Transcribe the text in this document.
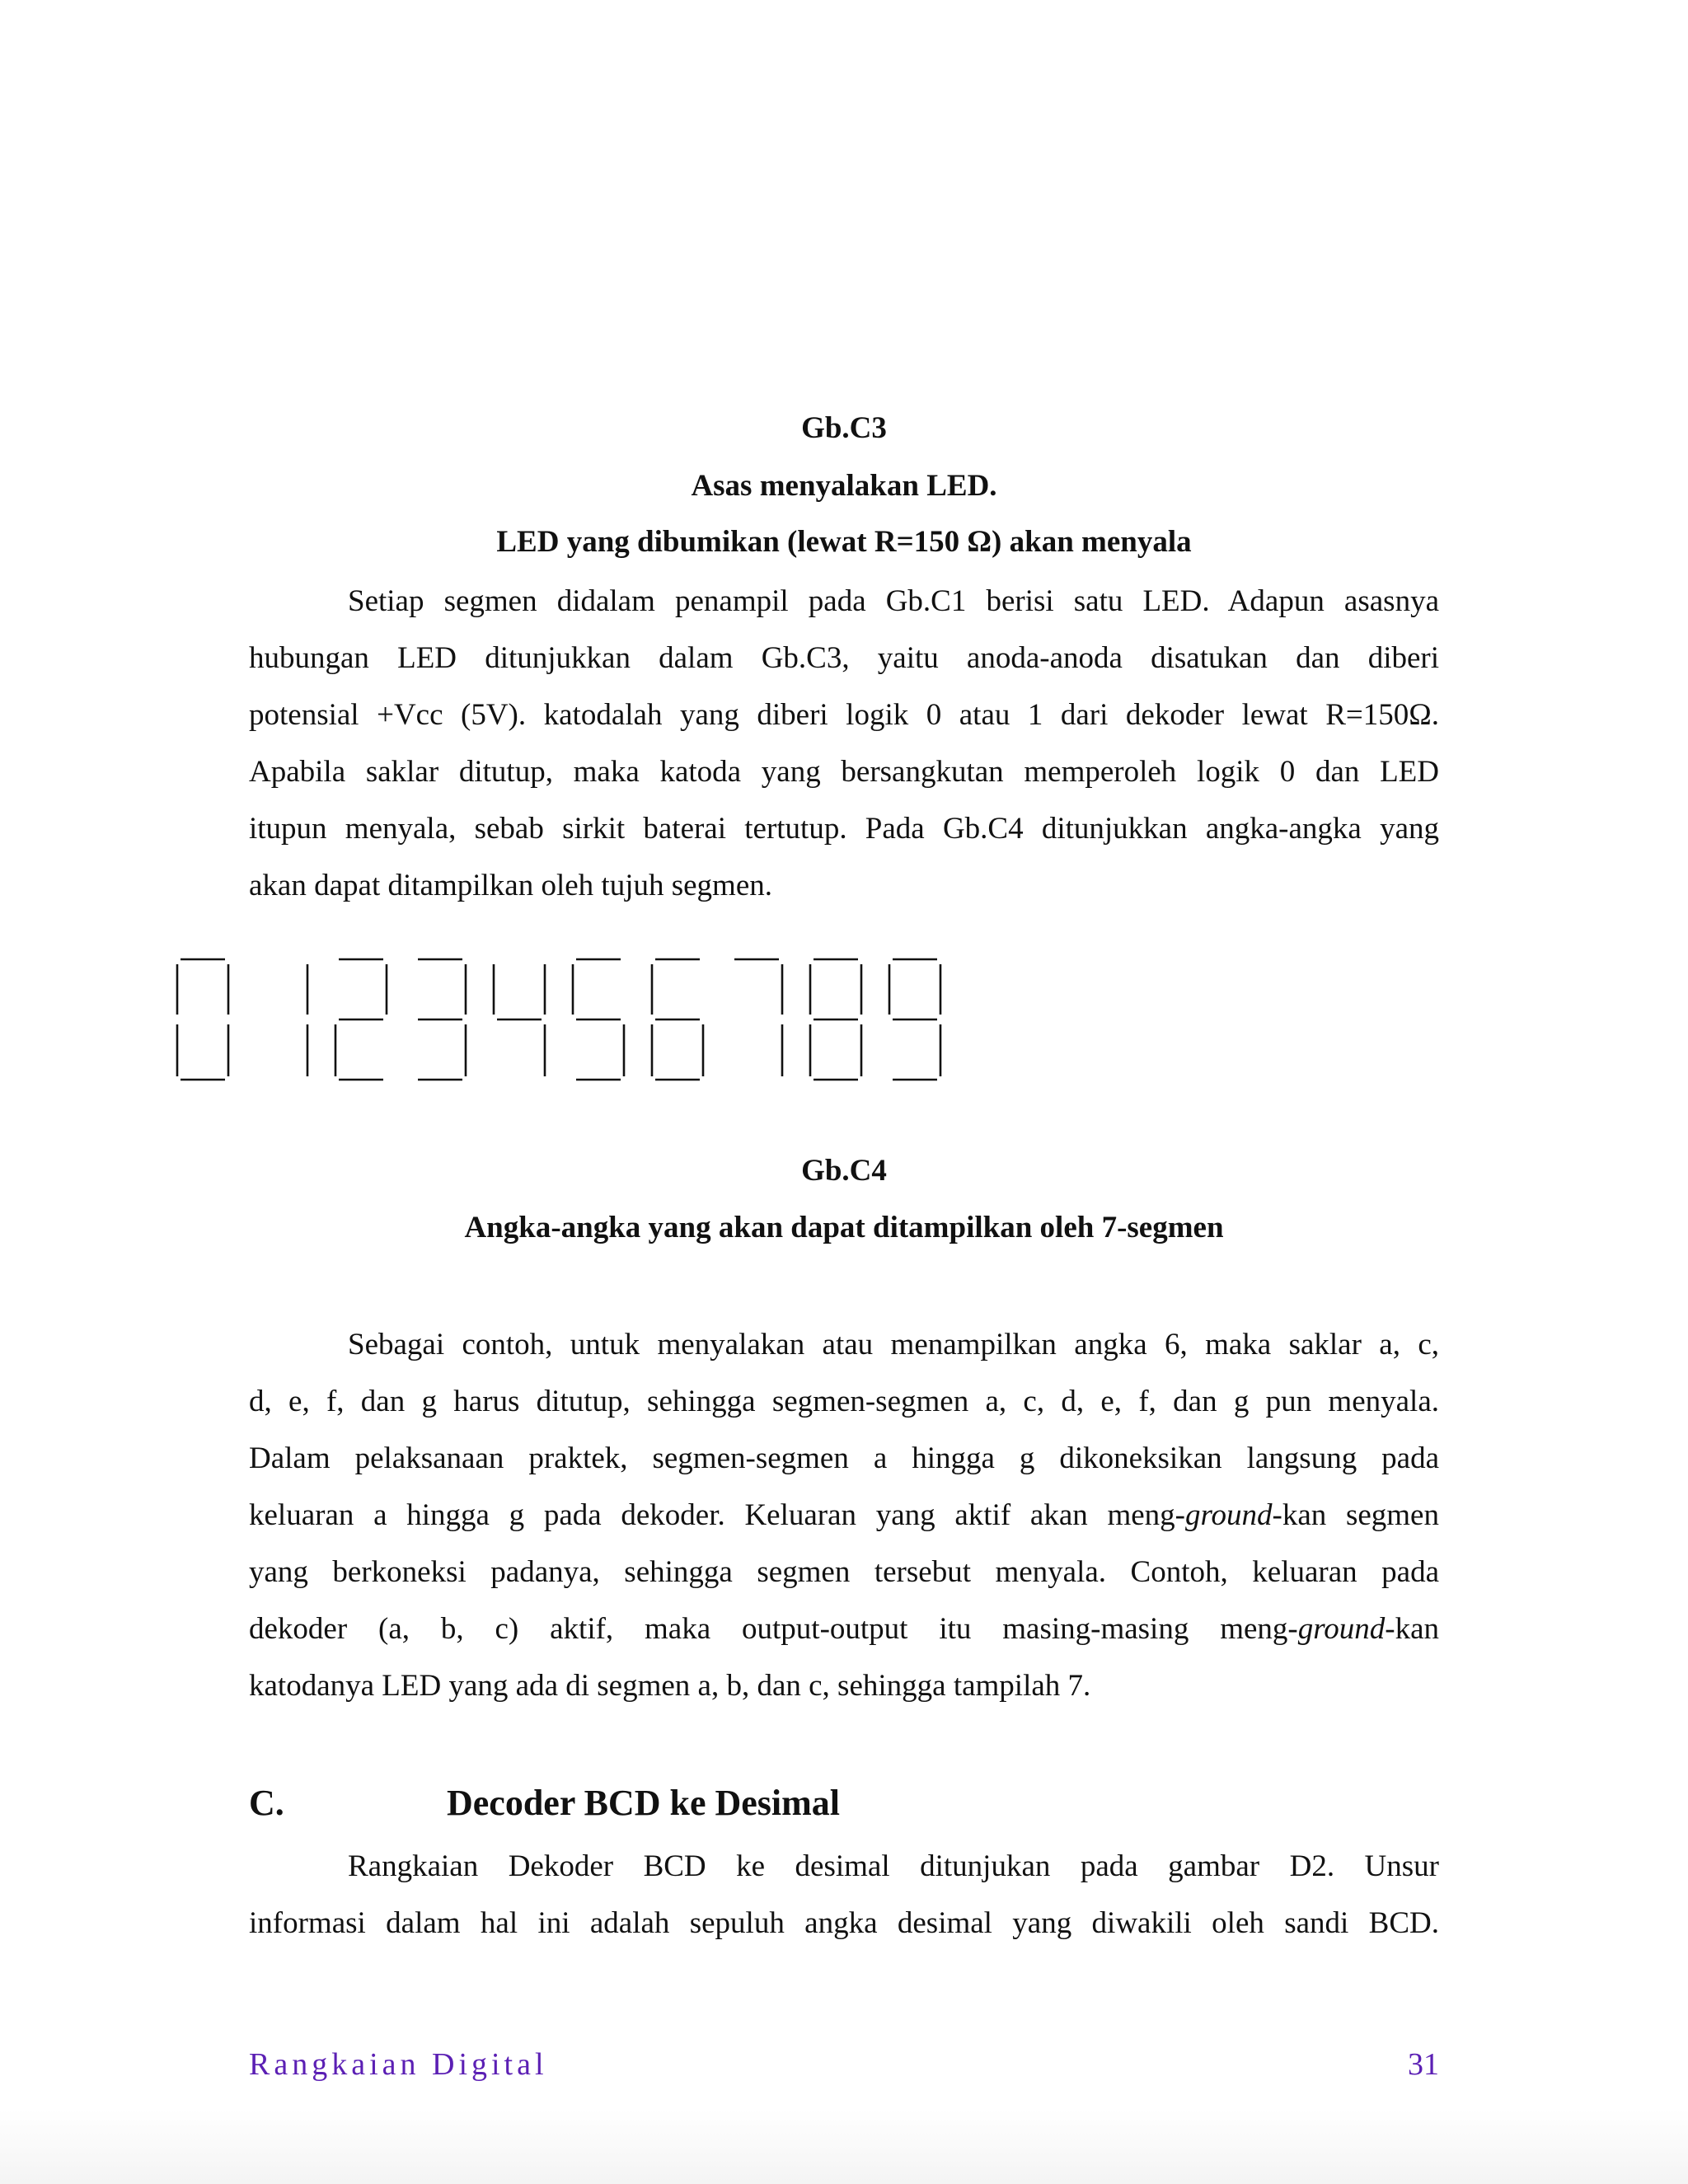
Gb.C3
Asas menyalakan LED.
LED yang dibumikan (lewat R=150 Ω) akan menyala
Setiap segmen didalam penampil pada Gb.C1 berisi satu LED. Adapun asasnya
hubungan LED ditunjukkan dalam Gb.C3, yaitu anoda-anoda disatukan dan diberi
potensial +Vcc (5V). katodalah yang diberi logik 0 atau 1 dari dekoder lewat R=150Ω.
Apabila saklar ditutup, maka katoda yang bersangkutan memperoleh logik 0 dan LED
itupun menyala, sebab sirkit baterai tertutup. Pada Gb.C4 ditunjukkan angka-angka yang
akan dapat ditampilkan oleh tujuh segmen.
Gb.C4
Angka-angka yang akan dapat ditampilkan oleh 7-segmen
Sebagai contoh, untuk menyalakan atau menampilkan angka 6, maka saklar a, c,
d, e, f, dan g harus ditutup, sehingga segmen-segmen a, c, d, e, f, dan g pun menyala.
Dalam pelaksanaan praktek, segmen-segmen a hingga g dikoneksikan langsung pada
keluaran a hingga g pada dekoder. Keluaran yang aktif akan meng-ground-kan segmen
yang berkoneksi padanya, sehingga segmen tersebut menyala. Contoh, keluaran pada
dekoder (a, b, c) aktif, maka output-output itu masing-masing meng-ground-kan
katodanya LED yang ada di segmen a, b, dan c, sehingga tampilah 7.
C.	Decoder BCD ke Desimal
Rangkaian Dekoder BCD ke desimal ditunjukan pada gambar D2. Unsur
informasi dalam hal ini adalah sepuluh angka desimal yang diwakili oleh sandi BCD.
Rangkaian Digital	31
